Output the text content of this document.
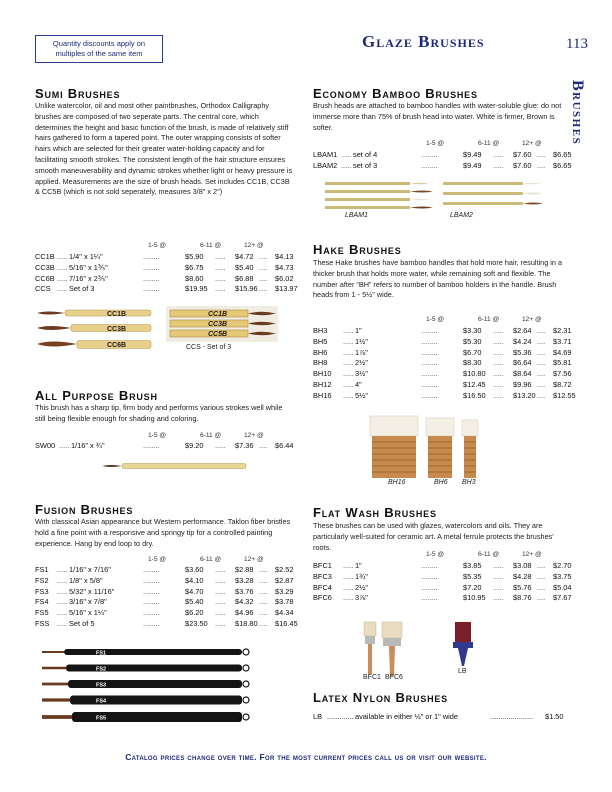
Quantity discounts apply on
multiples of the same item
Glaze Brushes	113
Brushes
Sumi Brushes
Unlike watercolor, oil and most other paintbrushes, Orthodox Calligraphy brushes are composed of two seperate parts. The central core, which determines the height and basic function of the brush, is made of relatively stiff hairs gathered to form a tapered point. The outer wrapping consists of softer hairs which are selected for their greater water-holding capacity and for facilitating smooth strokes. The consistent length of the hair structure ensures smooth maneuverability and dynamic strokes whether light or heavy pressure is applied. Measurements are the size of brush heads. Set includes CC1B, CC3B & CC5B (which is not sold seperately, measures 3/8" x 2")
1-5 @	6-11 @	12+ @
CC1B ..... 1/4" x 1¼"	$5.90	$4.72	$4.13
........	.....	....
CC3B ..... 5/16" x 1⅗"	$6.75	$5.40	$4.73
........	.....	....
CC6B ..... 7/16" x 2⅗"	$8.60	$6.88	$6.02
........	.....	....
CCS ..... Set of 3	$19.95	$15.96 $13.97
........	.....	....
CC1B
CC3B
CC6B
CC1B
CC3B
CC5B
CCS - Set of 3
All Purpose Brush
This brush has a sharp tip, firm body and performs various strokes well while still being flexible enough for shading and coloring.
1-5 @	6-11 @	12+ @
SW00 ..... 1/16" x ¾"	$9.20	$7.36	$6.44
........	.....	....
Fusion Brushes
With classical Asian appearance but Western performance. Taklon fiber bristles hold a fine point with a responsive and springy tip for a controlled painting experience. Hang by end loop to dry.
1-5 @	6-11 @	12+ @
FS1 ..... 1/16" x 7/16"	$3.60	$2.88	$2.52
........	.....	....
FS2 ..... 1/8" x 5/8"	$4.10	$3.28	$2.87
........	.....	....
FS3 ..... 5/32" x 11/16"	$4.70	$3.76	$3.29
........	.....	....
FS4 ..... 3/16" x 7/8"	$5.40	$4.32	$3.78
........	.....	....
FS5 ..... 5/16" x 1¼"	$6.20	$4.96	$4.34
........	.....	....
FSS ..... Set of 5	$23.50	$18.80 $16.45
........	.....	....
FS1
FS2
FS3
FS4
FS5
Economy Bamboo Brushes
Brush heads are attached to bamboo handles with water-soluble glue: do not immerse more than 75% of brush head into water. White is firmer, Brown is softer.
1-5 @	6-11 @	12+ @
LBAM1 ..... set of 4	$9.49	$7.60	$6.65
........	.....	....
LBAM2 ..... set of 3	$9.49	$7.60	$6.65
........	.....	....
LBAM1	LBAM2
Hake Brushes
These Hake brushes have bamboo handles that hold more hair, resulting in a thicker brush that holds more water, while remaining soft and flexible. The number after “BH” refers to number of bamboo holders in the handle. Brush heads from 1 - 5½" wide.
1-5 @	6-11 @	12+ @
BH3 ..... 1"	$3.30	$2.64	$2.31
........	.....	....
BH5 ..... 1½"	$5.30	$4.24	$3.71
........	.....	....
BH6 ..... 1⅞"	$6.70	$5.36	$4.69
........	.....	....
BH8 ..... 2½"	$8.30	$6.64	$5.81
........	.....	....
BH10 ..... 3½"	$10.80	$8.64	$7.56
........	.....	....
BH12 ..... 4"	$12.45	$9.96	$8.72
........	.....	....
BH16 ..... 5½"	$16.50	$13.20 $12.55
........	.....	....
BH16	BH6 BH3
Flat Wash Brushes
These brushes can be used with glazes, watercolors and oils. They are particularly well-suited for ceramic art. A metal ferrule protects the brushes' roots.
1-5 @	6-11 @	12+ @
BFC1 ..... 1"	$3.85	$3.08	$2.70
........	.....	....
BFC3 ..... 1¾"	$5.35	$4.28	$3.75
........	.....	....
BFC4 ..... 2½"	$7.20	$5.76	$5.04
........	.....	....
BFC6 ..... 3⅞"	$10.95	$8.76	$7.67
........	.....	....
BFC1 BFC6
LB
Latex Nylon Brushes
LB ............. available in either ½" or 1" wide	..................... $1.50
Catalog prices change over time. For the most current prices call us or visit our website.
